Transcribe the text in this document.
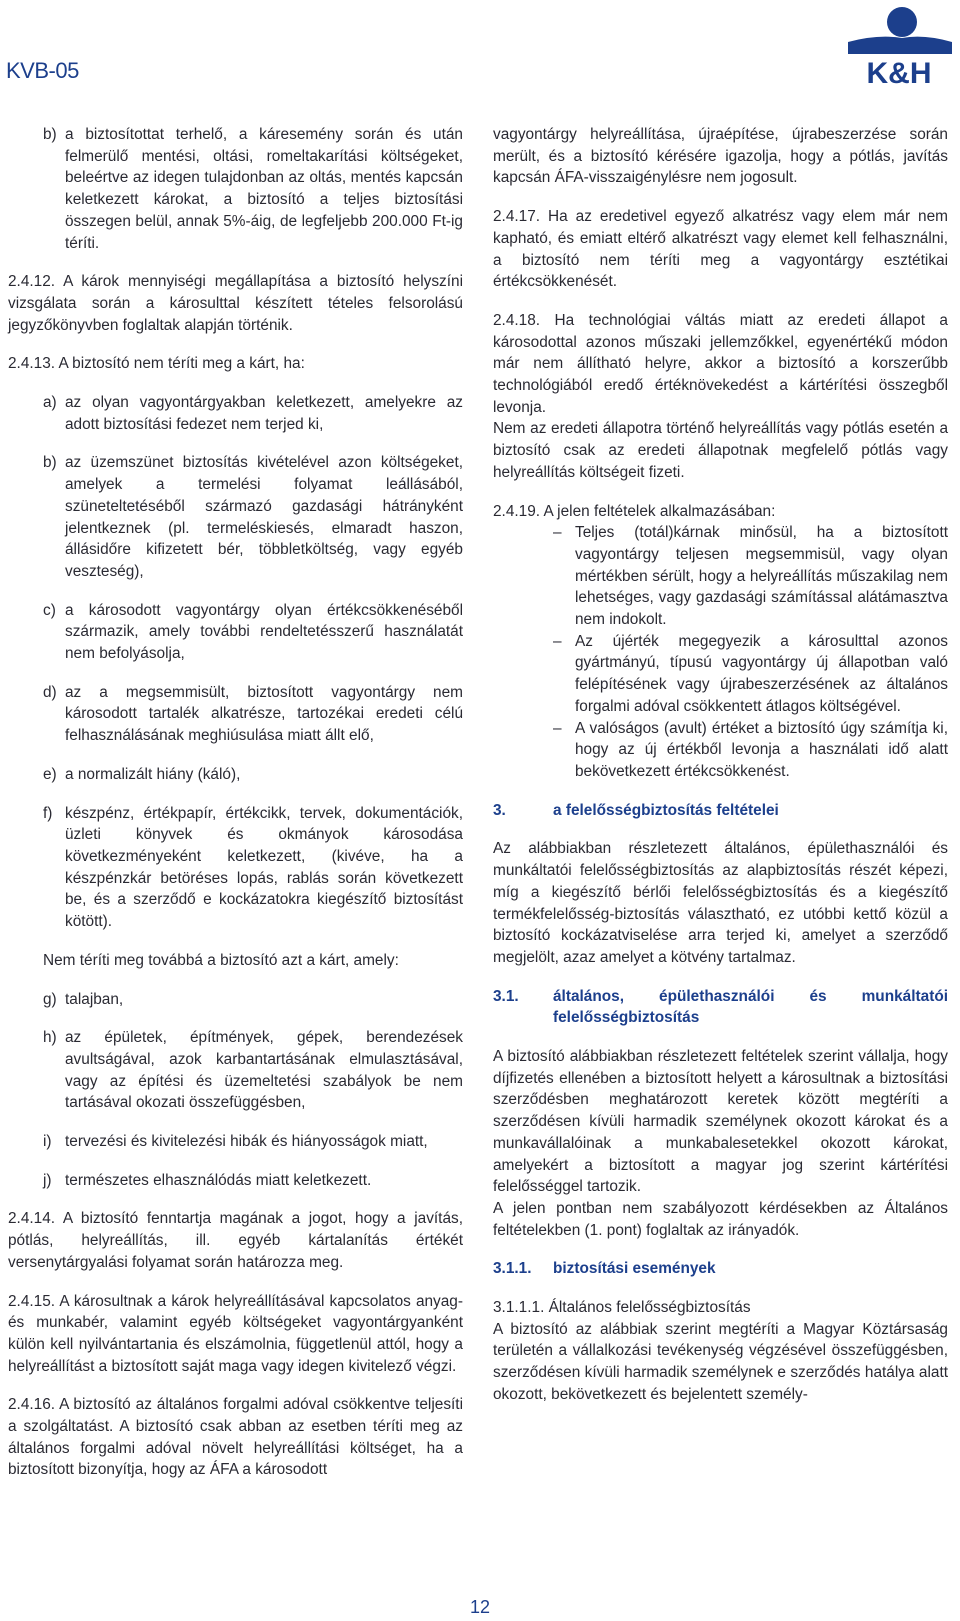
KVB-05	K&H
b) a biztosítottat terhelő, a káresemény során és után felmerülő mentési, oltási, romeltakarítási költségeket, beleértve az idegen tulajdonban az oltás, mentés kapcsán keletkezett károkat, a biztosító a teljes biztosítási összegen belül, annak 5%-áig, de legfeljebb 200.000 Ft-ig téríti.

2.4.12. A károk mennyiségi megállapítása a biztosító helyszíni vizsgálata során a károsulttal készített tételes felsorolású jegyzőkönyvben foglaltak alapján történik.

2.4.13. A biztosító nem téríti meg a kárt, ha:

a) az olyan vagyontárgyakban keletkezett, amelyekre az adott biztosítási fedezet nem terjed ki,
b) az üzemszünet biztosítás kivételével azon költségeket, amelyek a termelési folyamat leállásából, szüneteltetéséből származó gazdasági hátrányként jelentkeznek (pl. termeléskiesés, elmaradt haszon, állásidőre kifizetett bér, többletköltség, vagy egyéb veszteség),
c) a károsodott vagyontárgy olyan értékcsökkenéséből származik, amely további rendeltetésszerű használatát nem befolyásolja,
d) az a megsemmisült, biztosított vagyontárgy nem károsodott tartalék alkatrésze, tartozékai eredeti célú felhasználásának meghiúsulása miatt állt elő,
e) a normalizált hiány (káló),
f) készpénz, értékpapír, értékcikk, tervek, dokumentációk, üzleti könyvek és okmányok károsodása következményeként keletkezett, (kivéve, ha a készpénzkár betöréses lopás, rablás során következett be, és a szerződő e kockázatokra kiegészítő biztosítást kötött).

Nem téríti meg továbbá a biztosító azt a kárt, amely:

g) talajban,
h) az épületek, építmények, gépek, berendezések avultságával, azok karbantartásának elmulasztásával, vagy az építési és üzemeltetési szabályok be nem tartásával okozati összefüggésben,
i) tervezési és kivitelezési hibák és hiányosságok miatt,
j) természetes elhasználódás miatt keletkezett.

2.4.14. A biztosító fenntartja magának a jogot, hogy a javítás, pótlás, helyreállítás, ill. egyéb kártalanítás értékét versenytárgyalási folyamat során határozza meg.

2.4.15. A károsultnak a károk helyreállításával kapcsolatos anyag- és munkabér, valamint egyéb költségeket vagyontárgyanként külön kell nyilvántartania és elszámolnia, függetlenül attól, hogy a helyreállítást a biztosított saját maga vagy idegen kivitelező végzi.

2.4.16. A biztosító az általános forgalmi adóval csökkentve teljesíti a szolgáltatást. A biztosító csak abban az esetben téríti meg az általános forgalmi adóval növelt helyreállítási költséget, ha a biztosított bizonyítja, hogy az ÁFA a károsodott

vagyontárgy helyreállítása, újraépítése, újrabeszerzése során merült, és a biztosító kérésére igazolja, hogy a pótlás, javítás kapcsán ÁFA-visszaigénylésre nem jogosult.

2.4.17. Ha az eredetivel egyező alkatrész vagy elem már nem kapható, és emiatt eltérő alkatrészt vagy elemet kell felhasználni, a biztosító nem téríti meg a vagyontárgy esztétikai értékcsökkenését.

2.4.18. Ha technológiai váltás miatt az eredeti állapot a károsodottal azonos műszaki jellemzőkkel, egyenértékű módon már nem állítható helyre, akkor a biztosító a korszerűbb technológiából eredő értéknövekedést a kártérítési összegből levonja.

Nem az eredeti állapotra történő helyreállítás vagy pótlás esetén a biztosító csak az eredeti állapotnak megfelelő pótlás vagy helyreállítás költségeit fizeti.

2.4.19. A jelen feltételek alkalmazásában:

– Teljes (totál)kárnak minősül, ha a biztosított vagyontárgy teljesen megsemmisül, vagy olyan mértékben sérült, hogy a helyreállítás műszakilag nem lehetséges, vagy gazdasági számítással alátámasztva nem indokolt.
– Az újérték megegyezik a károsulttal azonos gyártmányú, típusú vagyontárgy új állapotban való felépítésének vagy újrabeszerzésének az általános forgalmi adóval csökkentett átlagos költségével.
– A valóságos (avult) értéket a biztosító úgy számítja ki, hogy az új értékből levonja a használati idő alatt bekövetkezett értékcsökkenést.
3.	a felelősségbiztosítás feltételei

Az alábbiakban részletezett általános, épülethasználói és munkáltatói felelősségbiztosítás az alapbiztosítás részét képezi, míg a kiegészítő bérlői felelősségbiztosítás és a kiegészítő termékfelelősség-biztosítás választható, ez utóbbi kettő közül a biztosító kockázatviselése arra terjed ki, amelyet a szerződő megjelölt, azaz amelyet a kötvény tartalmaz.

3.1.	általános, épülethasználói és munkáltatói felelősségbiztosítás

A biztosító alábbiakban részletezett feltételek szerint vállalja, hogy díjfizetés ellenében a biztosított helyett a károsultnak a biztosítási szerződésben meghatározott keretek között megtéríti a szerződésen kívüli harmadik személynek okozott károkat és a munkavállalóinak a munkabalesetekkel okozott károkat, amelyekért a biztosított a magyar jog szerint kártérítési felelősséggel tartozik.

A jelen pontban nem szabályozott kérdésekben az Általános feltételekben (1. pont) foglaltak az irányadók.

3.1.1.	biztosítási események

3.1.1.1. Általános felelősségbiztosítás

A biztosító az alábbiak szerint megtéríti a Magyar Köztársaság területén a vállalkozási tevékenység végzésével összefüggésben, szerződésen kívüli harmadik személynek e szerződés hatálya alatt okozott, bekövetkezett és bejelentett személy-

12
